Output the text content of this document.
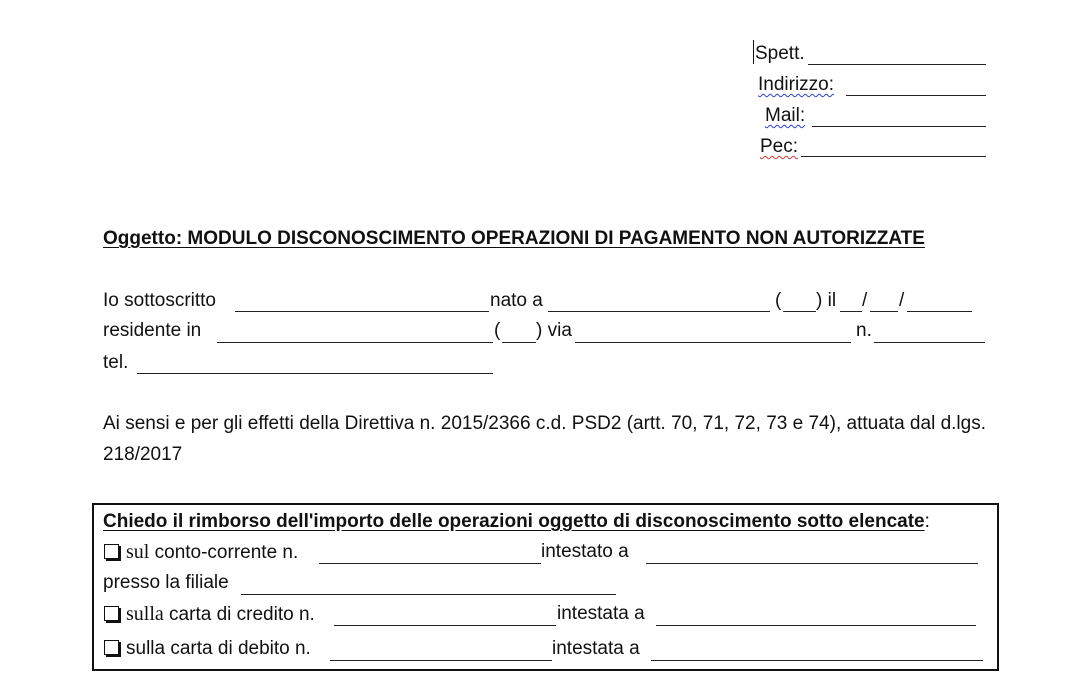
Spett.
Indirizzo:
Mail:
Pec:
Oggetto: MODULO DISCONOSCIMENTO OPERAZIONI DI PAGAMENTO NON AUTORIZZATE
Io sottoscritto	nato a	( ) il / /
residente in	( ) via	n.
tel.
Ai sensi e per gli effetti della Direttiva n. 2015/2366 c.d. PSD2 (artt. 70, 71, 72, 73 e 74), attuata dal d.lgs. 218/2017
Chiedo il rimborso dell'importo delle operazioni oggetto di disconoscimento sotto elencate:
sul conto-corrente n.	intestato a
presso la filiale
sulla carta di credito n.	intestata a
sulla carta di debito n.	intestata a
